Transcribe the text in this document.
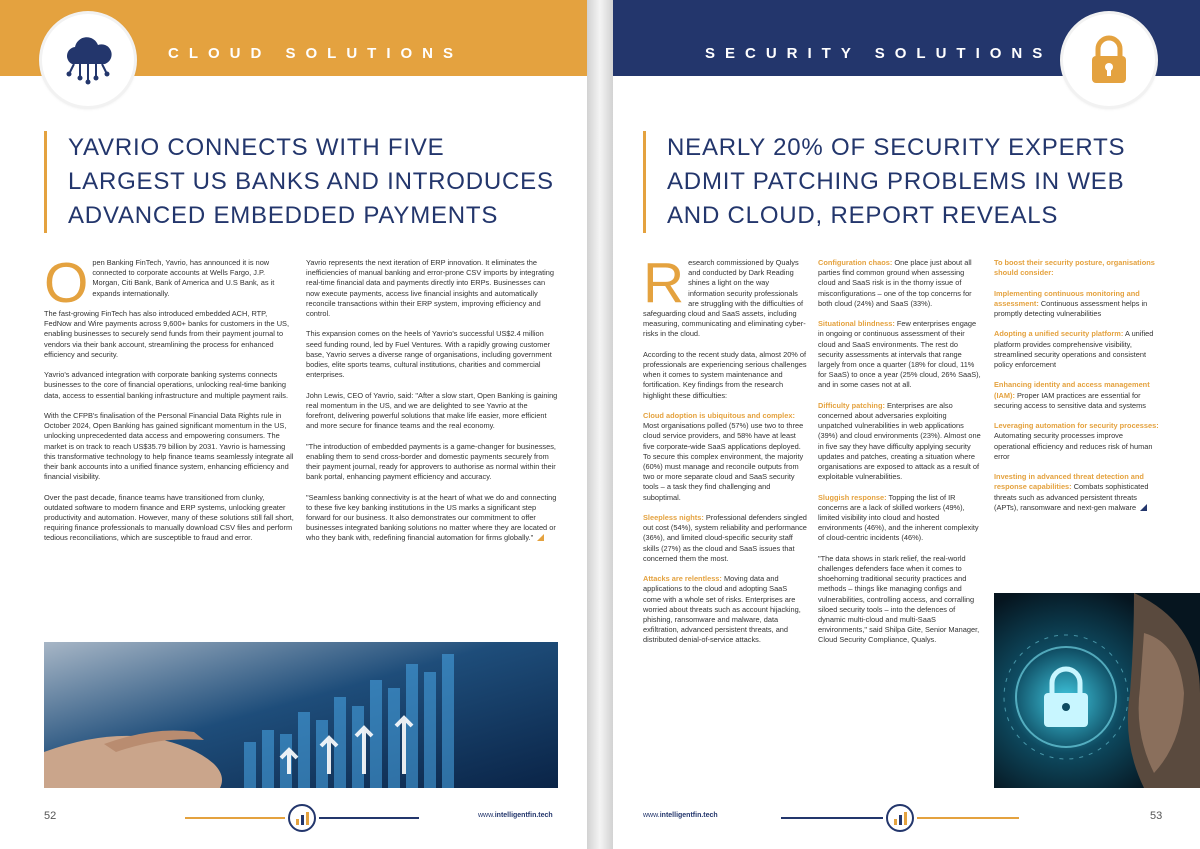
CLOUD SOLUTIONS
YAVRIO CONNECTS WITH FIVE
LARGEST US BANKS AND INTRODUCES
ADVANCED EMBEDDED PAYMENTS

Open Banking FinTech, Yavrio, has announced it is now connected to corporate accounts at Wells Fargo, J.P. Morgan, Citi Bank, Bank of America and U.S Bank, as it expands internationally.

The fast-growing FinTech has also introduced embedded ACH, RTP, FedNow and Wire payments across 9,600+ banks for customers in the US, enabling businesses to securely send funds from their payment journal to vendors via their bank account, streamlining the process for enhanced efficiency and security.

Yavrio's advanced integration with corporate banking systems connects businesses to the core of financial operations, unlocking real-time banking data, access to essential banking infrastructure and multiple payment rails.

With the CFPB's finalisation of the Personal Financial Data Rights rule in October 2024, Open Banking has gained significant momentum in the US, unlocking unprecedented data access and empowering consumers. The market is on track to reach US$35.79 billion by 2031. Yavrio is harnessing this transformative technology to help finance teams seamlessly integrate all their bank accounts into a unified finance system, enhancing efficiency and financial visibility.

Over the past decade, finance teams have transitioned from clunky, outdated software to modern finance and ERP systems, unlocking greater productivity and automation. However, many of these solutions still fall short, requiring finance professionals to manually download CSV files and perform tedious reconciliations, which are susceptible to fraud and error.

Yavrio represents the next iteration of ERP innovation. It eliminates the inefficiencies of manual banking and error-prone CSV imports by integrating real-time financial data and payments directly into ERPs. Businesses can now execute payments, access live financial insights and automatically reconcile transactions within their ERP system, improving efficiency and control.

This expansion comes on the heels of Yavrio's successful US$2.4 million seed funding round, led by Fuel Ventures. With a rapidly growing customer base, Yavrio serves a diverse range of organisations, including government bodies, elite sports teams, cultural institutions, charities and commercial enterprises.

John Lewis, CEO of Yavrio, said: "After a slow start, Open Banking is gaining real momentum in the US, and we are delighted to see Yavrio at the forefront, delivering powerful solutions that make life easier, more efficient and more secure for finance teams and the real economy.

"The introduction of embedded payments is a game-changer for businesses, enabling them to send cross-border and domestic payments securely from their payment journal, ready for approvers to authorise as normal within their bank portal, enhancing payment efficiency and accuracy.

"Seamless banking connectivity is at the heart of what we do and connecting to these five key banking institutions in the US marks a significant step forward for our business. It also demonstrates our commitment to offer businesses integrated banking solutions no matter where they are located or who they bank with, redefining financial automation for firms globally."

52	www.intelligentfin.tech
SECURITY SOLUTIONS
NEARLY 20% OF SECURITY EXPERTS
ADMIT PATCHING PROBLEMS IN WEB
AND CLOUD, REPORT REVEALS

Research commissioned by Qualys and conducted by Dark Reading shines a light on the way information security professionals are struggling with the difficulties of safeguarding cloud and SaaS assets, including measuring, communicating and eliminating cyber-risks in the cloud.

According to the recent study data, almost 20% of professionals are experiencing serious challenges when it comes to system maintenance and fortification. Key findings from the research highlight these difficulties:

Cloud adoption is ubiquitous and complex: Most organisations polled (57%) use two to three cloud service providers, and 58% have at least five corporate-wide SaaS applications deployed. To secure this complex environment, the majority (60%) must manage and reconcile outputs from two or more separate cloud and SaaS security tools – a task they find challenging and suboptimal.

Sleepless nights: Professional defenders singled out cost (54%), system reliability and performance (36%), and limited cloud-specific security staff skills (27%) as the cloud and SaaS issues that concerned them the most.

Attacks are relentless: Moving data and applications to the cloud and adopting SaaS come with a whole set of risks. Enterprises are worried about threats such as account hijacking, phishing, ransomware and malware, data exfiltration, advanced persistent threats, and distributed denial-of-service attacks.

Configuration chaos: One place just about all parties find common ground when assessing cloud and SaaS risk is in the thorny issue of misconfigurations – one of the top concerns for both cloud (24%) and SaaS (33%).

Situational blindness: Few enterprises engage in ongoing or continuous assessment of their cloud and SaaS environments. The rest do security assessments at intervals that range largely from once a quarter (18% for cloud, 11% for SaaS) to once a year (25% cloud, 26% SaaS), and in some cases not at all.

Difficulty patching: Enterprises are also concerned about adversaries exploiting unpatched vulnerabilities in web applications (39%) and cloud environments (23%). Almost one in five say they have difficulty applying security updates and patches, creating a situation where organisations are exposed to attack as a result of exploitable vulnerabilities.

Sluggish response: Topping the list of IR concerns are a lack of skilled workers (49%), limited visibility into cloud and hosted environments (46%), and the inherent complexity of cloud-centric incidents (46%).

"The data shows in stark relief, the real-world challenges defenders face when it comes to shoehorning traditional security practices and methods – things like managing configs and vulnerabilities, controlling access, and corralling siloed security tools – into the defences of dynamic multi-cloud and multi-SaaS environments," said Shilpa Gite, Senior Manager, Cloud Security Compliance, Qualys.

To boost their security posture, organisations should consider:

Implementing continuous monitoring and assessment: Continuous assessment helps in promptly detecting vulnerabilities

Adopting a unified security platform: A unified platform provides comprehensive visibility, streamlined security operations and consistent policy enforcement

Enhancing identity and access management (IAM): Proper IAM practices are essential for securing access to sensitive data and systems

Leveraging automation for security processes: Automating security processes improve operational efficiency and reduces risk of human error

Investing in advanced threat detection and response capabilities: Combats sophisticated threats such as advanced persistent threats (APTs), ransomware and next-gen malware

www.intelligentfin.tech	53
